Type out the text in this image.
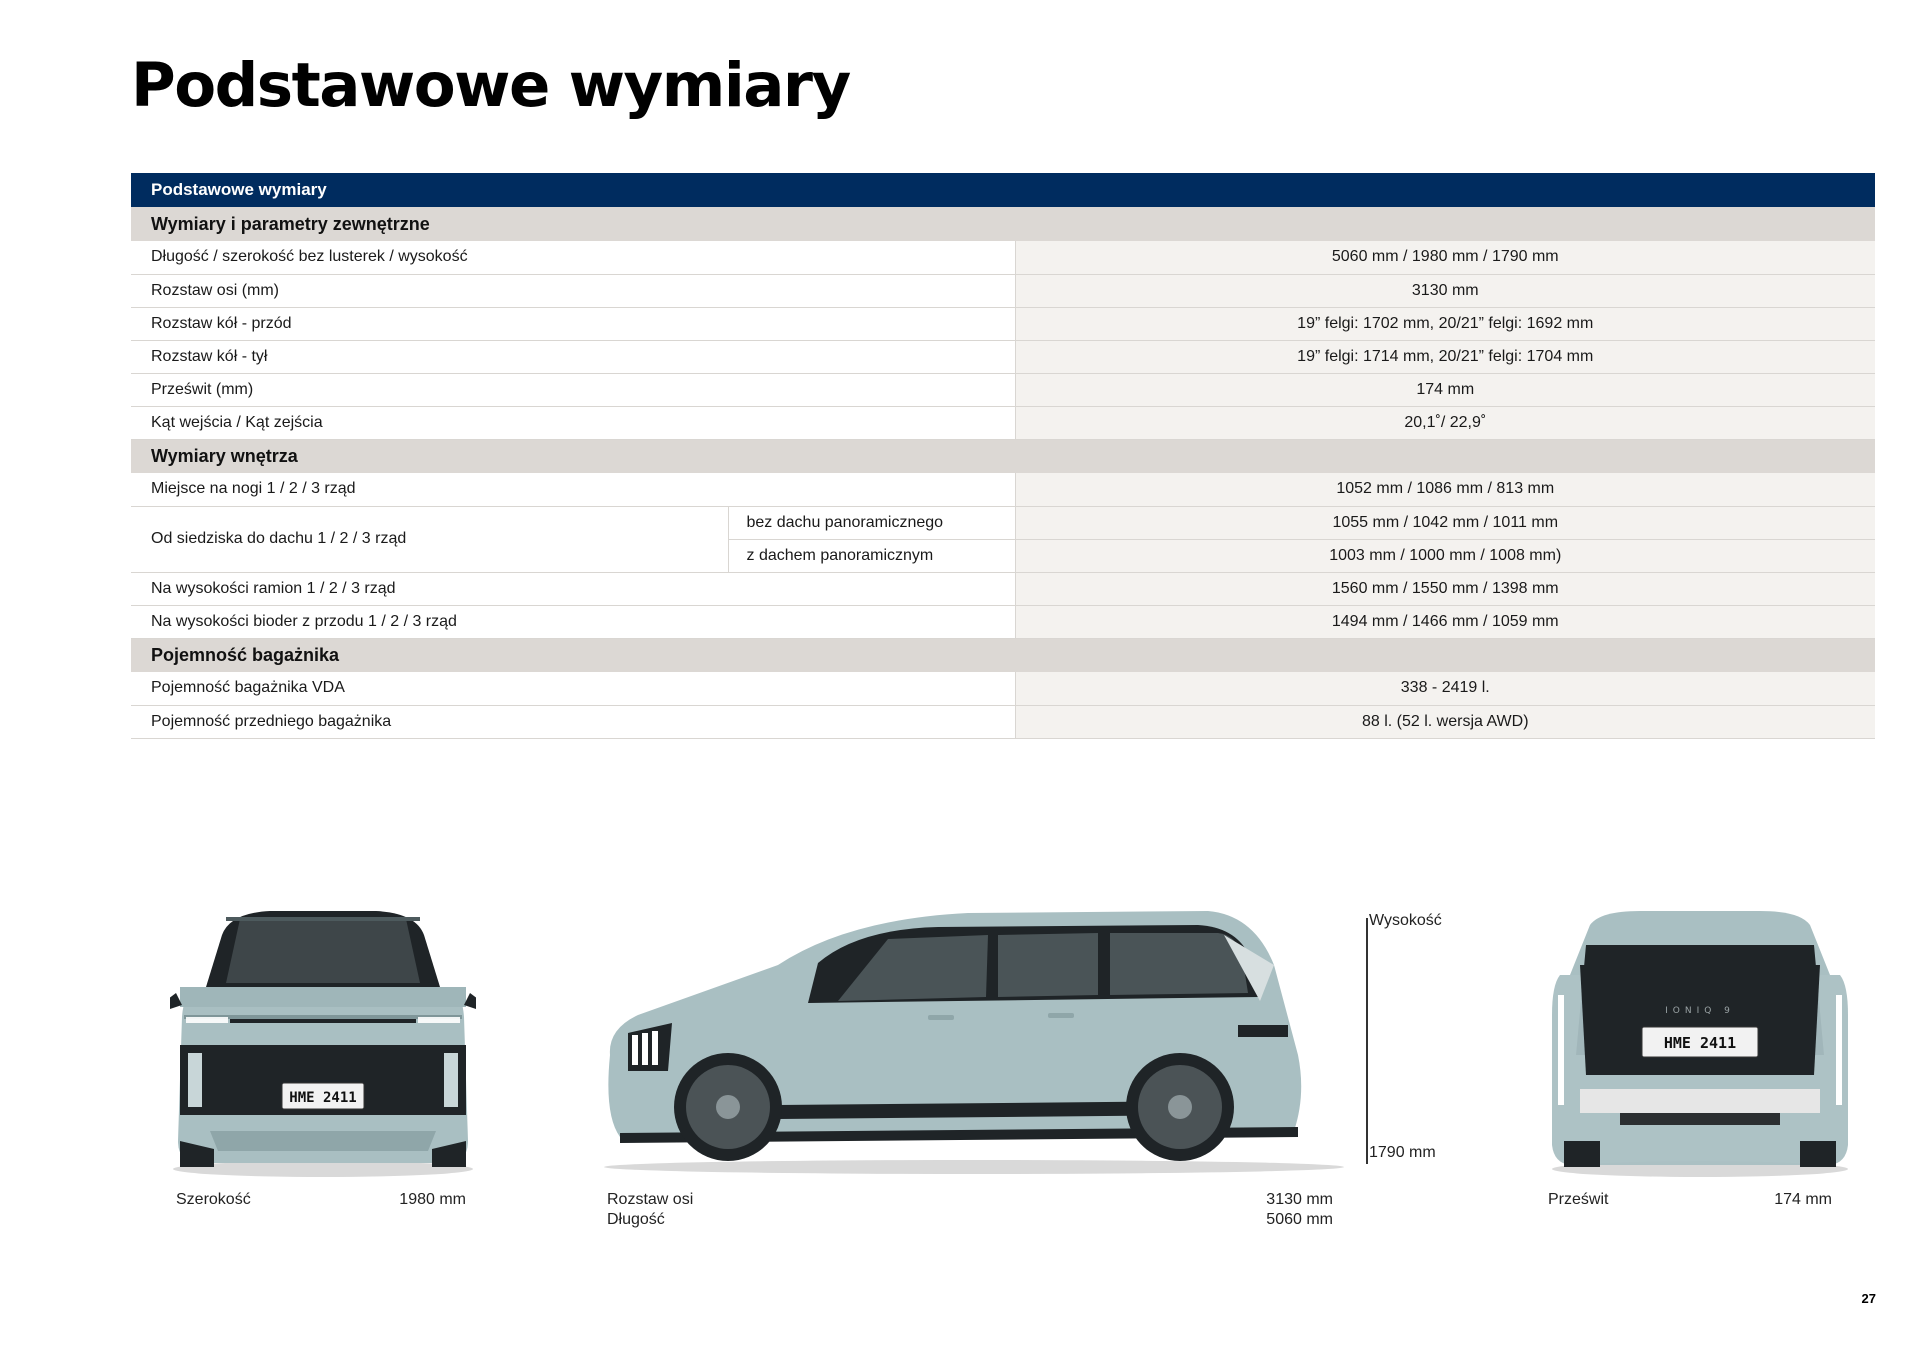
Podstawowe wymiary
Podstawowe wymiary		
Wymiary i parametry zewnętrzne		
Długość / szerokość bez lusterek / wysokość		5060 mm / 1980 mm / 1790 mm
Rozstaw osi (mm)		3130 mm
Rozstaw kół - przód		19” felgi: 1702 mm, 20/21” felgi: 1692 mm
Rozstaw kół - tył		19” felgi: 1714 mm, 20/21” felgi: 1704 mm
Prześwit (mm)		174 mm
Kąt wejścia / Kąt zejścia		20,1˚/ 22,9˚
Wymiary wnętrza		
Miejsce na nogi 1 / 2 / 3 rząd		1052 mm / 1086 mm / 813 mm
Od siedziska do dachu 1 / 2 / 3 rząd	bez dachu panoramicznego	1055 mm / 1042 mm / 1011 mm
	z dachem panoramicznym	1003 mm / 1000 mm / 1008 mm)
Na wysokości ramion 1 / 2 / 3 rząd		1560 mm / 1550 mm / 1398 mm
Na wysokości bioder z przodu 1 / 2 / 3 rząd		1494 mm / 1466 mm / 1059 mm
Pojemność bagażnika		
Pojemność bagażnika VDA		338 - 2419 l.
Pojemność przedniego bagażnika		88 l. (52 l. wersja AWD)
HME 2411
HME 2411
IONIQ 9
Szerokość	1980 mm	Rozstaw osi
Długość
3130 mm
5060 mm
Wysokość
1790 mm
Prześwit	174 mm
27
